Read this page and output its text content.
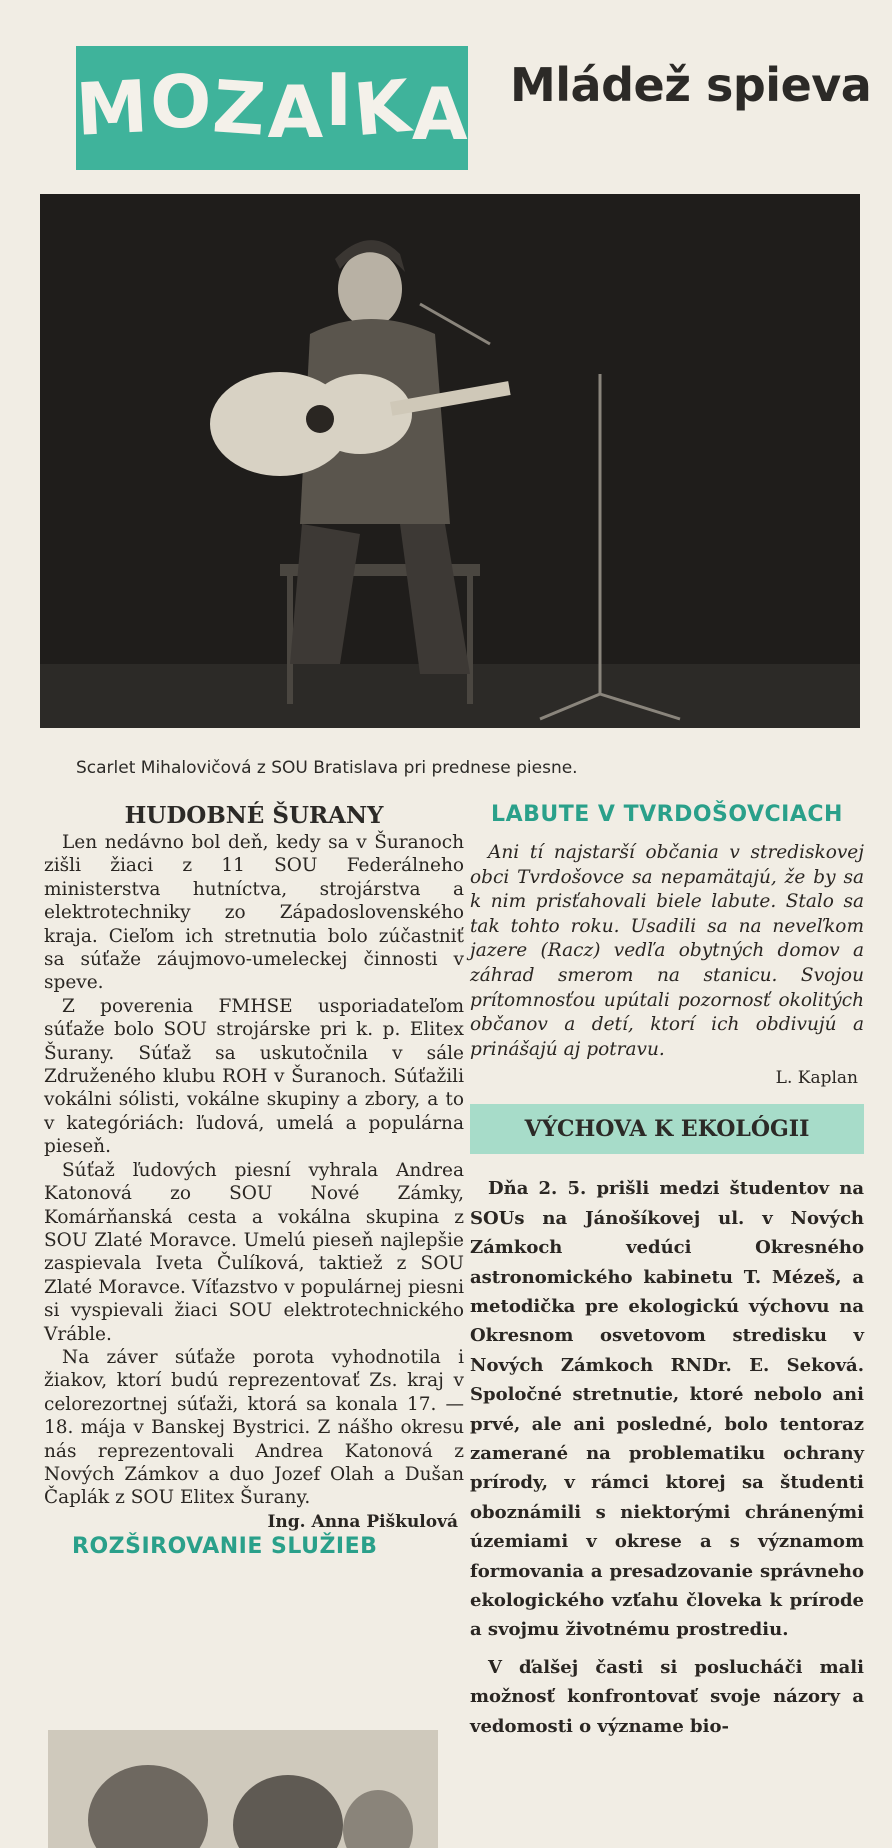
M O Z A I
K
A Mládež spieva
Scarlet Mihalovičová z SOU Bratislava pri prednese piesne.
HUDOBNÉ ŠURANY

Len nedávno bol deň, kedy sa v Šuranoch zišli žiaci z 11 SOU Federálneho ministerstva hutníctva, strojárstva a elektrotechniky zo Západoslovenského kraja. Cieľom ich stretnutia bolo zúčastniť sa súťaže záujmovo-umeleckej činnosti v speve.

Z poverenia FMHSE usporiadateľom súťaže bolo SOU strojárske pri k. p. Elitex Šurany. Súťaž sa uskutočnila v sále Združeného klubu ROH v Šuranoch. Súťažili vokálni sólisti, vokálne skupiny a zbory, a to v kategóriách: ľudová, umelá a populárna pieseň.

Súťaž ľudových piesní vyhrala Andrea Katonová zo SOU Nové Zámky, Komárňanská cesta a vokálna skupina z SOU Zlaté Moravce. Umelú pieseň najlepšie zaspievala Iveta Čulíková, taktiež z SOU Zlaté Moravce. Víťazstvo v populárnej piesni si vyspievali žiaci SOU elektrotechnického Vráble.

Na záver súťaže porota vyhodnotila i žiakov, ktorí budú reprezentovať Zs. kraj v celorezortnej súťaži, ktorá sa konala 17. — 18. mája v Banskej Bystrici. Z nášho okresu nás reprezentovali Andrea Katonová z Nových Zámkov a duo Jozef Olah a Dušan Čaplák z SOU Elitex Šurany.

Ing. Anna Piškulová
ROZŠIROVANIE SLUŽIEB
LABUTE V TVRDOŠOVCIACH

Ani tí najstarší občania v strediskovej obci Tvrdošovce sa nepamätajú, že by sa k nim prisťahovali biele labute. Stalo sa tak tohto roku. Usadili sa na neveľkom jazere (Racz) vedľa obytných domov a záhrad smerom na stanicu. Svojou prítomnosťou upútali pozornosť okolitých občanov a detí, ktorí ich obdivujú a prinášajú aj potravu.

L. Kaplan
VÝCHOVA K EKOLÓGII

Dňa 2. 5. prišli medzi študentov na SOUs na Jánošíkovej ul. v Nových Zámkoch vedúci Okresného astronomického kabinetu T. Mézeš, a metodička pre ekologickú výchovu na Okresnom osvetovom stredisku v Nových Zámkoch RNDr. E. Seková. Spoločné stretnutie, ktoré nebolo ani prvé, ale ani posledné, bolo tentoraz zamerané na problematiku ochrany prírody, v rámci ktorej sa študenti oboznámili s niektorými chránenými územiami v okrese a s významom formovania a presadzovanie správneho ekologického vzťahu človeka k prírode a svojmu životnému prostrediu.

V ďalšej časti si poslucháči mali možnosť konfrontovať svoje názory a vedomosti o význame bio-
